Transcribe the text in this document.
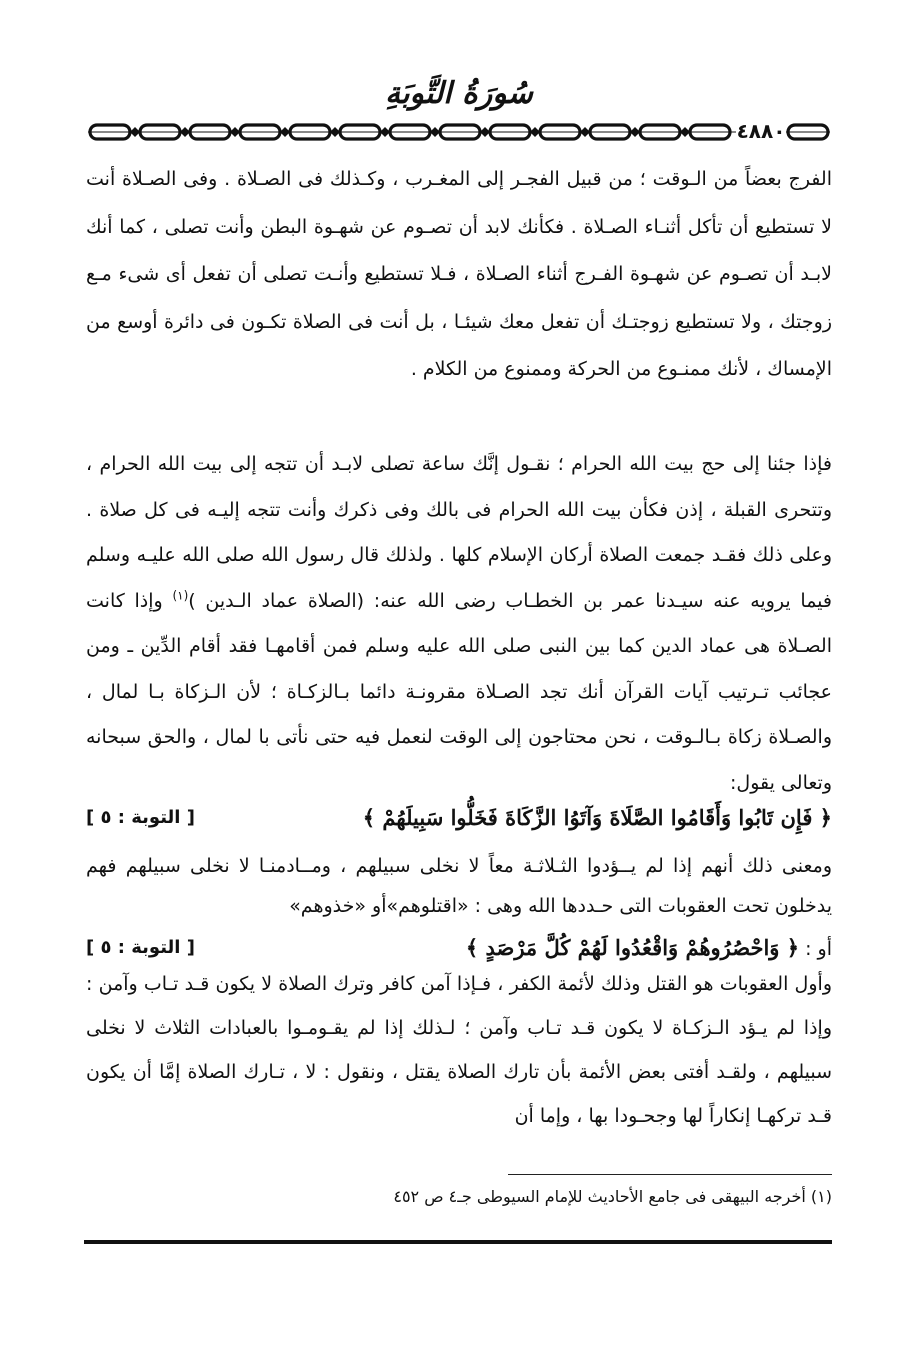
سُورَةُ التَّوبَةِ
٤٨٨٠
الفرج بعضاً من الـوقت ؛ من قبيل الفجـر إلى المغـرب ، وكـذلك فى الصـلاة . وفى الصـلاة أنت لا تستطيع أن تأكل أثنـاء الصـلاة . فكأنك لابد أن تصـوم عن شهـوة البطن وأنت تصلى ، كما أنك لابـد أن تصـوم عن شهـوة الفـرج أثناء الصـلاة ، فـلا تستطيع وأنـت تصلى أن تفعل أى شىء مـع زوجتك ، ولا تستطيع زوجتـك أن تفعل معك شيئـا ، بل أنت فى الصلاة تكـون فى دائرة أوسع من الإمساك ، لأنك ممنـوع من الحركة وممنوع من الكلام .
فإذا جئنا إلى حج بيت الله الحرام ؛ نقـول إنَّك ساعة تصلى لابـد أن تتجه إلى بيت الله الحرام ، وتتحرى القبلة ، إذن فكأن بيت الله الحرام فى بالك وفى ذكرك وأنت تتجه إليـه فى كل صلاة . وعلى ذلك فقـد جمعت الصلاة أركان الإسلام كلها . ولذلك قال رسول الله صلى الله عليـه وسلم فيما يرويه عنه سيـدنا عمر بن الخطـاب رضى الله عنه: (الصلاة عماد الـدين )$^{(١)}$ وإذا كانت الصـلاة هى عماد الدين كما بين النبى صلى الله عليه وسلم فمن أقامهـا فقد أقام الدِّين ـ ومن عجائب تـرتيب آيات القرآن أنك تجد الصـلاة مقرونـة دائما بـالزكـاة ؛ لأن الـزكاة بـا لمال ، والصـلاة زكاة بـالـوقت ، نحن محتاجون إلى الوقت لنعمل فيه حتى نأتى با لمال ، والحق سبحانه وتعالى يقول:
﴿ فَإِن تَابُوا وَأَقَامُوا الصَّلَاةَ وَآتَوُا الزَّكَاةَ فَخَلُّوا سَبِيلَهُمْ ﴾
[ التوبة : ٥ ]
ومعنى ذلك أنهم إذا لم يــؤدوا الثـلاثـة معاً لا نخلى سبيلهم ، ومــادمنـا لا نخلى سبيلهم فهم يدخلون تحت العقوبات التى حـددها الله وهى : «اقتلوهم»أو «خذوهم»
أو : ﴿ وَاحْصُرُوهُمْ وَاقْعُدُوا لَهُمْ كُلَّ مَرْصَدٍ ﴾
[ التوبة : ٥ ]
وأول العقوبات هو القتل وذلك لأئمة الكفر ، فـإذا آمن كافر وترك الصلاة لا يكون قـد تـاب وآمن : وإذا لم يـؤد الـزكـاة لا يكون قـد تـاب وآمن ؛ لـذلك إذا لم يقـومـوا بالعبادات الثلاث لا نخلى سبيلهم ، ولقـد أفتى بعض الأئمة بأن تارك الصلاة يقتل ، ونقول : لا ، تـارك الصلاة إمَّا أن يكون قـد تركهـا إنكاراً لها وجحـودا بها ، وإما أن
(١) أخرجه البيهقى فى جامع الأحاديث للإمام السيوطى جـ٤ ص ٤٥٢
